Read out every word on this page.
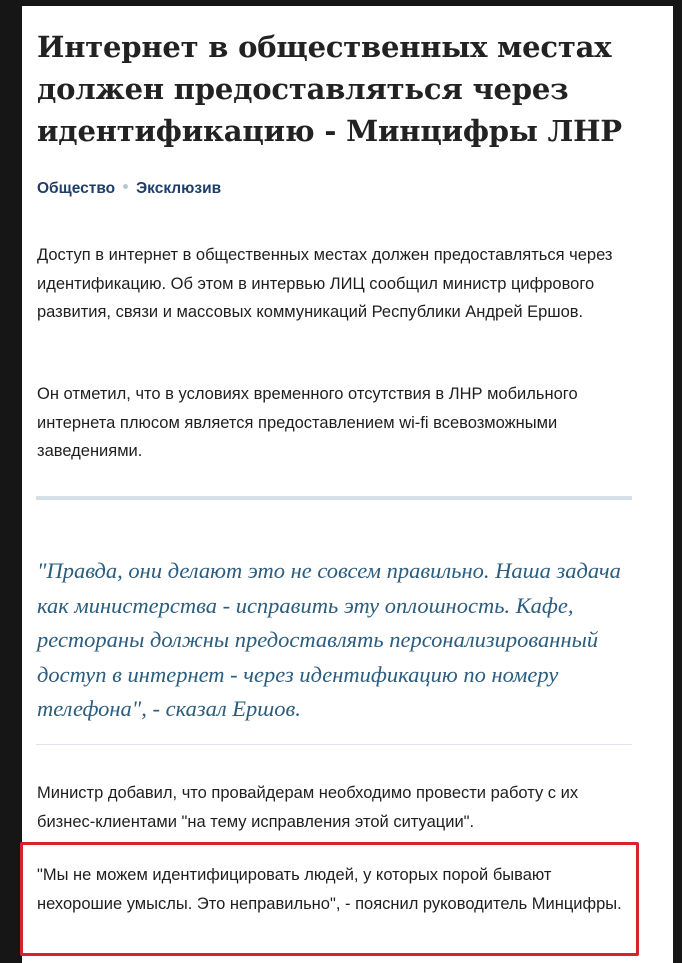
Интернет в общественных местах должен предоставляться через идентификацию - Минцифры ЛНР
Общество Эксклюзив

Доступ в интернет в общественных местах должен предоставляться через идентификацию. Об этом в интервью ЛИЦ сообщил министр цифрового развития, связи и массовых коммуникаций Республики Андрей Ершов.

Он отметил, что в условиях временного отсутствия в ЛНР мобильного интернета плюсом является предоставлением wi-fi всевозможными заведениями.

"Правда, они делают это не совсем правильно. Наша задача как министерства - исправить эту оплошность. Кафе, рестораны должны предоставлять персонализированный доступ в интернет - через идентификацию по номеру телефона", - сказал Ершов.

Министр добавил, что провайдерам необходимо провести работу с их бизнес-клиентами "на тему исправления этой ситуации".

"Мы не можем идентифицировать людей, у которых порой бывают нехорошие умыслы. Это неправильно", - пояснил руководитель Минцифры.
